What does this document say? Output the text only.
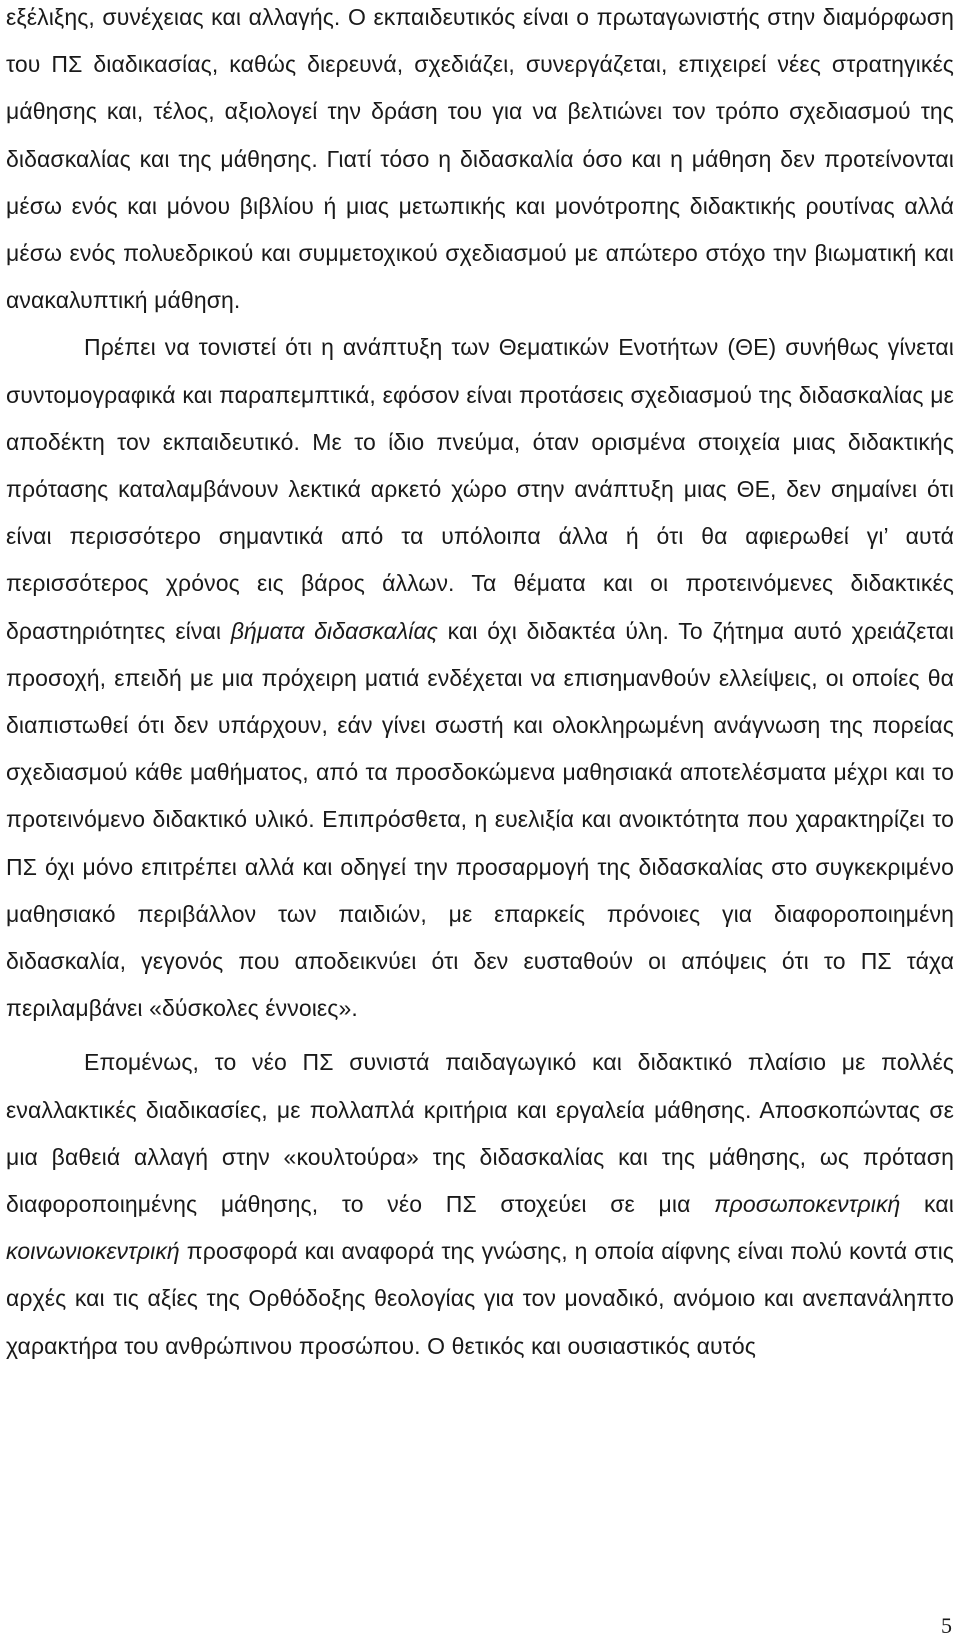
εξέλιξης, συνέχειας και αλλαγής. Ο εκπαιδευτικός είναι ο πρωταγωνιστής στην διαμόρφωση του ΠΣ διαδικασίας, καθώς διερευνά, σχεδιάζει, συνεργάζεται, επιχειρεί νέες στρατηγικές μάθησης και, τέλος, αξιολογεί την δράση του για να βελτιώνει τον τρόπο σχεδιασμού της διδασκαλίας και της μάθησης. Γιατί τόσο η διδασκαλία όσο και η μάθηση δεν προτείνονται μέσω ενός και μόνου βιβλίου ή μιας μετωπικής και μονότροπης διδακτικής ρουτίνας αλλά μέσω ενός πολυεδρικού και συμμετοχικού σχεδιασμού με απώτερο στόχο την βιωματική και ανακαλυπτική μάθηση.

Πρέπει να τονιστεί ότι η ανάπτυξη των Θεματικών Ενοτήτων (ΘΕ) συνήθως γίνεται συντομογραφικά και παραπεμπτικά, εφόσον είναι προτάσεις σχεδιασμού της διδασκαλίας με αποδέκτη τον εκπαιδευτικό. Με το ίδιο πνεύμα, όταν ορισμένα στοιχεία μιας διδακτικής πρότασης καταλαμβάνουν λεκτικά αρκετό χώρο στην ανάπτυξη μιας ΘΕ, δεν σημαίνει ότι είναι περισσότερο σημαντικά από τα υπόλοιπα άλλα ή ότι θα αφιερωθεί γι’ αυτά περισσότερος χρόνος εις βάρος άλλων. Τα θέματα και οι προτεινόμενες διδακτικές δραστηριότητες είναι βήματα διδασκαλίας και όχι διδακτέα ύλη. Το ζήτημα αυτό χρειάζεται προσοχή, επειδή με μια πρόχειρη ματιά ενδέχεται να επισημανθούν ελλείψεις, οι οποίες θα διαπιστωθεί ότι δεν υπάρχουν, εάν γίνει σωστή και ολοκληρωμένη ανάγνωση της πορείας σχεδιασμού κάθε μαθήματος, από τα προσδοκώμενα μαθησιακά αποτελέσματα μέχρι και το προτεινόμενο διδακτικό υλικό. Επιπρόσθετα, η ευελιξία και ανοικτότητα που χαρακτηρίζει το ΠΣ όχι μόνο επιτρέπει αλλά και οδηγεί την προσαρμογή της διδασκαλίας στο συγκεκριμένο μαθησιακό περιβάλλον των παιδιών, με επαρκείς πρόνοιες για διαφοροποιημένη διδασκαλία, γεγονός που αποδεικνύει ότι δεν ευσταθούν οι απόψεις ότι το ΠΣ τάχα περιλαμβάνει «δύσκολες έννοιες».

Επομένως, το νέο ΠΣ συνιστά παιδαγωγικό και διδακτικό πλαίσιο με πολλές εναλλακτικές διαδικασίες, με πολλαπλά κριτήρια και εργαλεία μάθησης. Αποσκοπώντας σε μια βαθειά αλλαγή στην «κουλτούρα» της διδασκαλίας και της μάθησης, ως πρόταση διαφοροποιημένης μάθησης, το νέο ΠΣ στοχεύει σε μια προσωποκεντρική και κοινωνιοκεντρική προσφορά και αναφορά της γνώσης, η οποία αίφνης είναι πολύ κοντά στις αρχές και τις αξίες της Ορθόδοξης θεολογίας για τον μοναδικό, ανόμοιο και ανεπανάληπτο χαρακτήρα του ανθρώπινου προσώπου. Ο θετικός και ουσιαστικός αυτός

5
